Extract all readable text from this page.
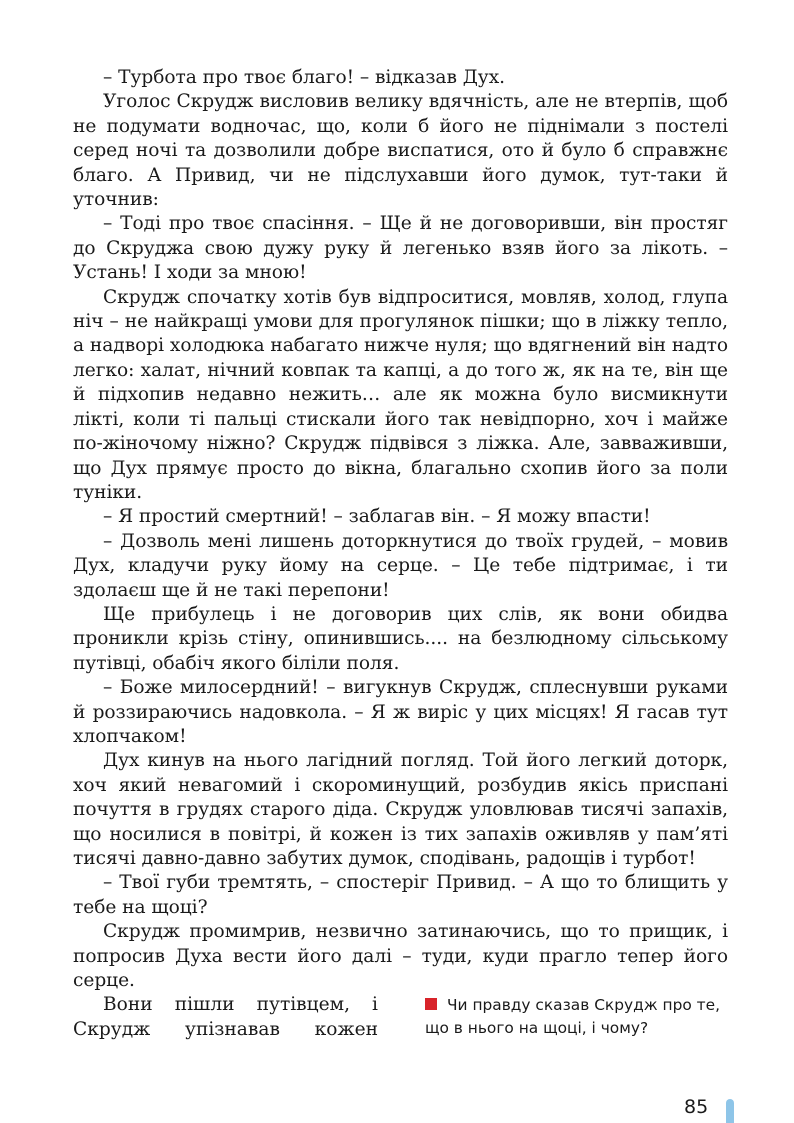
– Турбота про твоє благо! – відказав Дух.

Уголос Скрудж висловив велику вдячність, але не втерпів, щоб не подумати водночас, що, коли б його не піднімали з постелі серед ночі та дозволили добре виспатися, ото й було б справжнє благо. А Привид, чи не підслухавши його думок, тут-таки й уточнив:

– Тоді про твоє спасіння. – Ще й не договоривши, він простяг до Скруджа свою дужу руку й легенько взяв його за лікоть. – Устань! І ходи за мною!

Скрудж спочатку хотів був відпроситися, мовляв, холод, глупа ніч – не найкращі умови для прогулянок пішки; що в ліжку тепло, а надворі холодюка набагато нижче нуля; що вдягнений він надто легко: халат, нічний ковпак та капці, а до того ж, як на те, він ще й підхопив недавно нежить… але як можна було висмикнути лікті, коли ті пальці стискали його так невідпорно, хоч і майже по-жіночому ніжно? Скрудж підвівся з ліжка. Але, завваживши, що Дух прямує просто до вікна, благально схопив його за поли туніки.

– Я простий смертний! – заблагав він. – Я можу впасти!

– Дозволь мені лишень доторкнутися до твоїх грудей, – мовив Дух, кладучи руку йому на серце. – Це тебе підтримає, і ти здолаєш ще й не такі перепони!

Ще прибулець і не договорив цих слів, як вони обидва проникли крізь стіну, опинившись.... на безлюдному сільському путівці, обабіч якого біліли поля.

– Боже милосердний! – вигукнув Скрудж, сплеснувши руками й роззираючись надовкола. – Я ж виріс у цих місцях! Я гасав тут хлопчаком!

Дух кинув на нього лагідний погляд. Той його легкий доторк, хоч який невагомий і скороминущий, розбудив якісь приспані почуття в грудях старого діда. Скрудж уловлював тисячі запахів, що носилися в повітрі, й кожен із тих запахів оживляв у пам’яті тисячі давно-давно забутих думок, сподівань, радощів і турбот!

– Твої губи тремтять, – спостеріг Привид. – А що то блищить у тебе на щоці?

Скрудж промимрив, незвично затинаючись, що то прищик, і попросив Духа вести його далі – туди, куди прагло тепер його серце.

Вони пішли путівцем, і
Скрудж упізнавав кожен
Чи правду сказав Скрудж про те, що в нього на щоці, і чому?
85
